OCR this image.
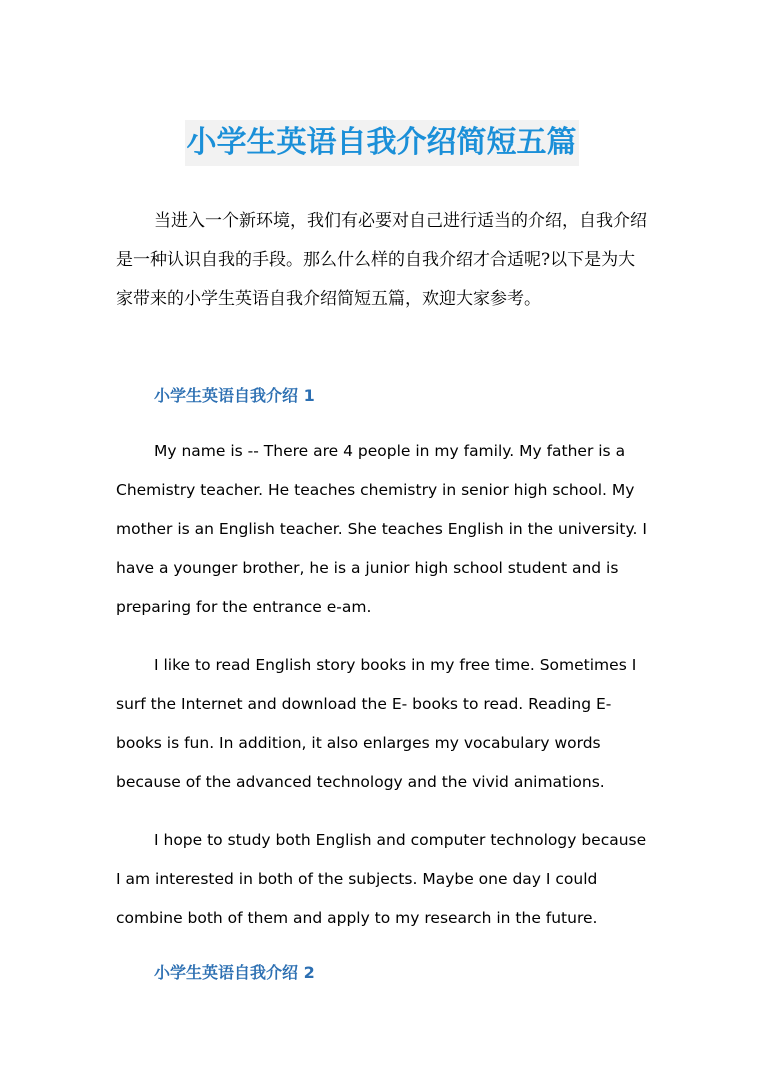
小学生英语自我介绍简短五篇

当进入一个新环境，我们有必要对自己进行适当的介绍，自我介绍是一种认识自我的手段。那么什么样的自我介绍才合适呢?以下是为大家带来的小学生英语自我介绍简短五篇，欢迎大家参考。

小学生英语自我介绍 1

My name is -- There are 4 people in my family. My father is a Chemistry teacher. He teaches chemistry in senior high school. My mother is an English teacher. She teaches English in the university. I have a younger brother, he is a junior high school student and is preparing for the entrance e-am.

I like to read English story books in my free time. Sometimes I surf the Internet and download the E- books to read. Reading E-books is fun. In addition, it also enlarges my vocabulary words because of the advanced technology and the vivid animations.

I hope to study both English and computer technology because I am interested in both of the subjects. Maybe one day I could combine both of them and apply to my research in the future.

小学生英语自我介绍 2
